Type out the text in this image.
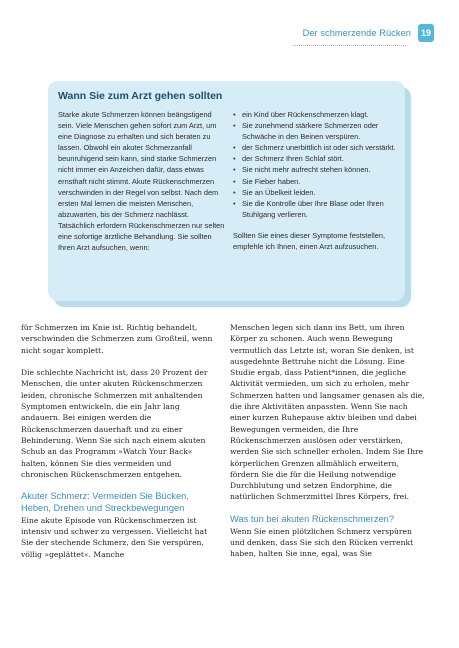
Der schmerzende Rücken	19
Wann Sie zum Arzt gehen sollten

Starke akute Schmerzen können beängstigend sein. Viele Menschen gehen sofort zum Arzt, um eine Diagnose zu erhalten und sich beraten zu lassen. Obwohl ein akuter Schmerzanfall beunruhigend sein kann, sind starke Schmerzen nicht immer ein Anzeichen dafür, dass etwas ernsthaft nicht stimmt. Akute Rückenschmerzen verschwinden in der Regel von selbst. Nach dem ersten Mal lernen die meisten Menschen, abzuwarten, bis der Schmerz nachlässt. Tatsächlich erfordern Rückenschmerzen nur selten eine sofortige ärztliche Behandlung. Sie sollten Ihren Arzt aufsuchen, wenn:

• ein Kind über Rückenschmerzen klagt.
• Sie zunehmend stärkere Schmerzen oder Schwäche in den Beinen verspüren.
• der Schmerz unerbittlich ist oder sich verstärkt.
• der Schmerz Ihren Schlaf stört.
• Sie nicht mehr aufrecht stehen können.
• Sie Fieber haben.
• Sie an Übelkeit leiden.
• Sie die Kontrolle über Ihre Blase oder Ihren Stuhlgang verlieren.

Sollten Sie eines dieser Symptome feststellen, empfehle ich Ihnen, einen Arzt aufzusuchen.

für Schmerzen im Knie ist. Richtig behandelt, verschwinden die Schmerzen zum Großteil, wenn nicht sogar komplett.

Die schlechte Nachricht ist, dass 20 Prozent der Menschen, die unter akuten Rückenschmerzen leiden, chronische Schmerzen mit anhaltenden Symptomen entwickeln, die ein Jahr lang andauern. Bei einigen werden die Rückenschmerzen dauerhaft und zu einer Behinderung. Wenn Sie sich nach einem akuten Schub an das Programm »Watch Your Back« halten, können Sie dies vermeiden und chronischen Rückenschmerzen entgehen.

Akuter Schmerz: Vermeiden Sie Bücken, Heben, Drehen und Streckbewegungen

Eine akute Episode von Rückenschmerzen ist intensiv und schwer zu vergessen. Vielleicht hat Sie der stechende Schmerz, den Sie verspüren, völlig »geplättet«. Manche

Menschen legen sich dann ins Bett, um ihren Körper zu schonen. Auch wenn Bewegung vermutlich das Letzte ist, woran Sie denken, ist ausgedehnte Bettruhe nicht die Lösung. Eine Studie ergab, dass Patient*innen, die jegliche Aktivität vermieden, um sich zu erholen, mehr Schmerzen hatten und langsamer genasen als die, die ihre Aktivitäten anpassten. Wenn Sie nach einer kurzen Ruhepause aktiv bleiben und dabei Bewegungen vermeiden, die Ihre Rückenschmerzen auslösen oder verstärken, werden Sie sich schneller erholen. Indem Sie Ihre körperlichen Grenzen allmählich erweitern, fördern Sie die für die Heilung notwendige Durchblutung und setzen Endorphine, die natürlichen Schmerzmittel Ihres Körpers, frei.

Was tun bei akuten Rückenschmerzen?

Wenn Sie einen plötzlichen Schmerz verspüren und denken, dass Sie sich den Rücken verrenkt haben, halten Sie inne, egal, was Sie
